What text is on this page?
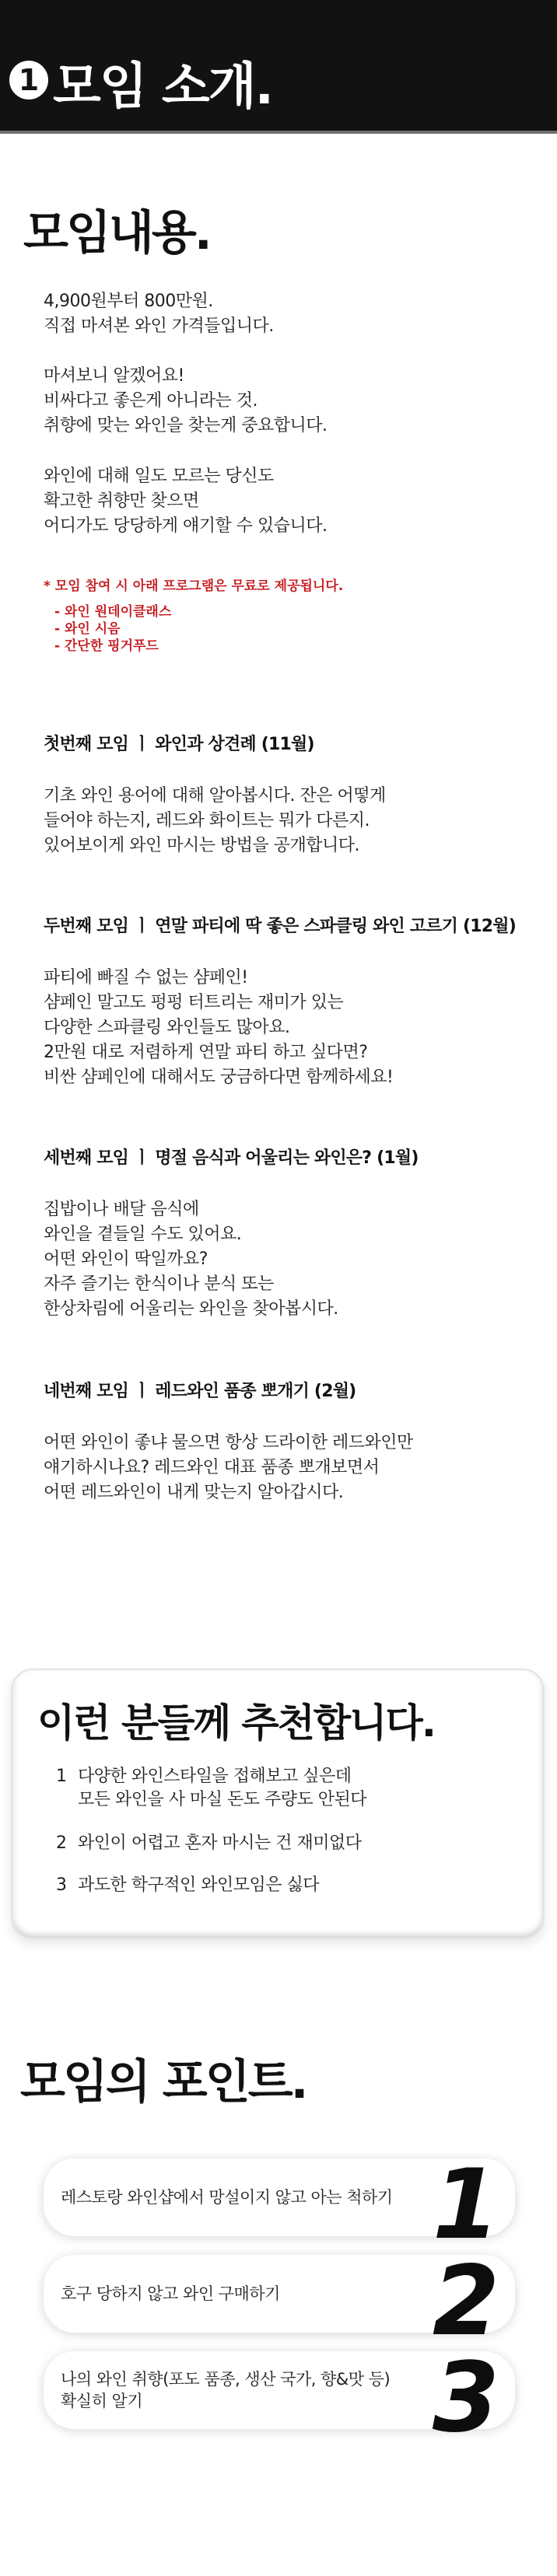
1 모임 소개.
모임내용.

4,900원부터 800만원.

직접 마셔본 와인 가격들입니다.

마셔보니 알겠어요!

비싸다고 좋은게 아니라는 것.

취향에 맞는 와인을 찾는게 중요합니다.

와인에 대해 일도 모르는 당신도

확고한 취향만 찾으면

어디가도 당당하게 얘기할 수 있습니다.

* 모임 참여 시 아래 프로그램은 무료로 제공됩니다.
- 와인 원데이클래스
- 와인 시음
- 간단한 핑거푸드
첫번째 모임 ㅣ 와인과 상견례 (11월)

기초 와인 용어에 대해 알아봅시다. 잔은 어떻게

들어야 하는지, 레드와 화이트는 뭐가 다른지.

있어보이게 와인 마시는 방법을 공개합니다.

두번째 모임 ㅣ 연말 파티에 딱 좋은 스파클링 와인 고르기 (12월)

파티에 빠질 수 없는 샴페인!

샴페인 말고도 펑펑 터트리는 재미가 있는

다양한 스파클링 와인들도 많아요.

2만원 대로 저렴하게 연말 파티 하고 싶다면?

비싼 샴페인에 대해서도 궁금하다면 함께하세요!

세번째 모임 ㅣ 명절 음식과 어울리는 와인은? (1월)

집밥이나 배달 음식에

와인을 곁들일 수도 있어요.

어떤 와인이 딱일까요?

자주 즐기는 한식이나 분식 또는

한상차림에 어울리는 와인을 찾아봅시다.

네번째 모임 ㅣ 레드와인 품종 뽀개기 (2월)

어떤 와인이 좋냐 물으면 항상 드라이한 레드와인만

얘기하시나요? 레드와인 대표 품종 뽀개보면서

어떤 레드와인이 내게 맞는지 알아갑시다.

이런 분들께 추천합니다.
1 다양한 와인스타일을 접해보고 싶은데

모든 와인을 사 마실 돈도 주량도 안된다

2 와인이 어렵고 혼자 마시는 건 재미없다

3 과도한 학구적인 와인모임은 싫다

모임의 포인트.

레스토랑 와인샵에서 망설이지 않고 아는 척하기 1

호구 당하지 않고 와인 구매하기 2

나의 와인 취향(포도 품종, 생산 국가, 향&맛 등)

확실히 알기	3
